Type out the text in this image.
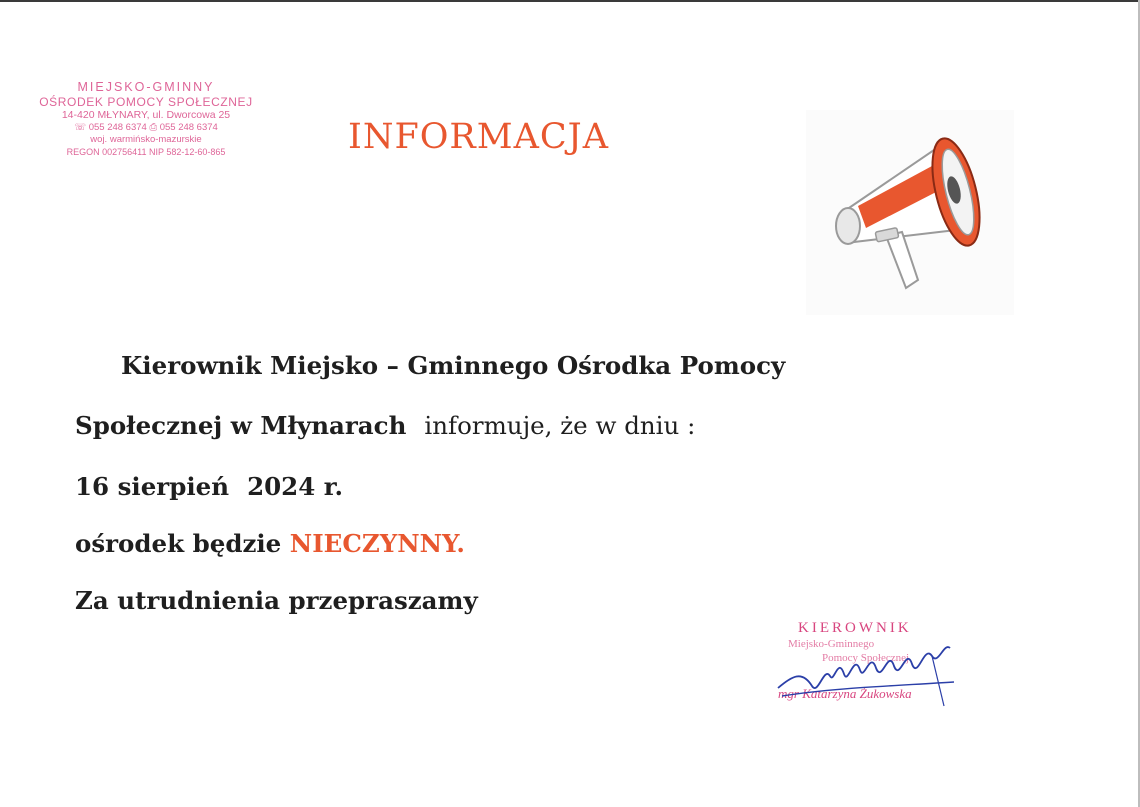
MIEJSKO-GMINNY
OŚRODEK POMOCY SPOŁECZNEJ
14-420 MŁYNARY, ul. Dworcowa 25
☏ 055 248 6374 ⎙ 055 248 6374
woj. warmińsko-mazurskie
REGON 002756411 NIP 582-12-60-865	INFORMACJA
Kierownik Miejsko – Gminnego Ośrodka Pomocy
Społecznej w Młynarach informuje, że w dniu :
16 sierpień 2024 r.
ośrodek będzie NIECZYNNY.
Za utrudnienia przepraszamy
KIEROWNIK
Miejsko-Gminnego
Pomocy Społecznej
mgr Katarzyna Żukowska
